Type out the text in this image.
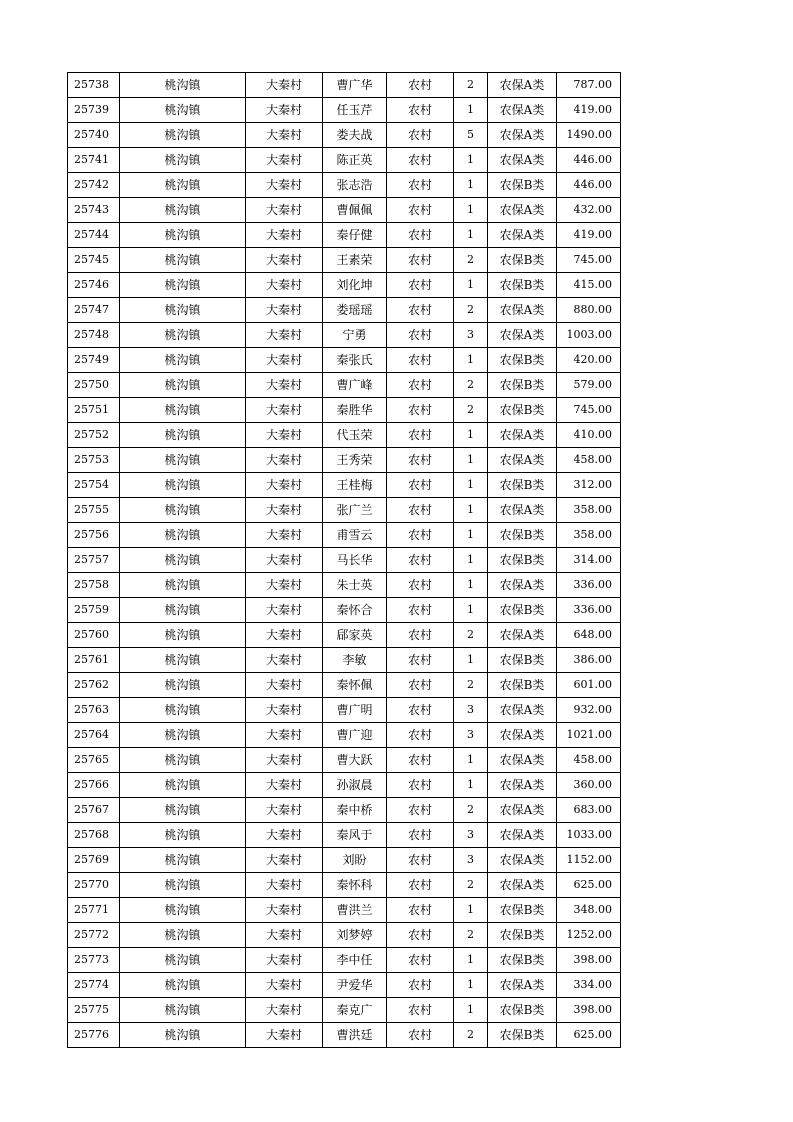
25738	桃沟镇	大秦村	曹广华	农村	2	农保A类	787.00
25739	桃沟镇	大秦村	任玉芹	农村	1	农保A类	419.00
25740	桃沟镇	大秦村	娄夫战	农村	5	农保A类	1490.00
25741	桃沟镇	大秦村	陈正英	农村	1	农保A类	446.00
25742	桃沟镇	大秦村	张志浩	农村	1	农保B类	446.00
25743	桃沟镇	大秦村	曹佩佩	农村	1	农保A类	432.00
25744	桃沟镇	大秦村	秦仔健	农村	1	农保A类	419.00
25745	桃沟镇	大秦村	王素荣	农村	2	农保B类	745.00
25746	桃沟镇	大秦村	刘化坤	农村	1	农保B类	415.00
25747	桃沟镇	大秦村	娄瑶瑶	农村	2	农保A类	880.00
25748	桃沟镇	大秦村	宁勇	农村	3	农保A类	1003.00
25749	桃沟镇	大秦村	秦张氏	农村	1	农保B类	420.00
25750	桃沟镇	大秦村	曹广峰	农村	2	农保B类	579.00
25751	桃沟镇	大秦村	秦胜华	农村	2	农保B类	745.00
25752	桃沟镇	大秦村	代玉荣	农村	1	农保A类	410.00
25753	桃沟镇	大秦村	王秀荣	农村	1	农保A类	458.00
25754	桃沟镇	大秦村	王桂梅	农村	1	农保B类	312.00
25755	桃沟镇	大秦村	张广兰	农村	1	农保A类	358.00
25756	桃沟镇	大秦村	甫雪云	农村	1	农保B类	358.00
25757	桃沟镇	大秦村	马长华	农村	1	农保B类	314.00
25758	桃沟镇	大秦村	朱士英	农村	1	农保A类	336.00
25759	桃沟镇	大秦村	秦怀合	农村	1	农保B类	336.00
25760	桃沟镇	大秦村	郈家英	农村	2	农保A类	648.00
25761	桃沟镇	大秦村	李敏	农村	1	农保B类	386.00
25762	桃沟镇	大秦村	秦怀佩	农村	2	农保B类	601.00
25763	桃沟镇	大秦村	曹广明	农村	3	农保A类	932.00
25764	桃沟镇	大秦村	曹广迎	农村	3	农保A类	1021.00
25765	桃沟镇	大秦村	曹大跃	农村	1	农保A类	458.00
25766	桃沟镇	大秦村	孙淑晨	农村	1	农保A类	360.00
25767	桃沟镇	大秦村	秦中桥	农村	2	农保A类	683.00
25768	桃沟镇	大秦村	秦风于	农村	3	农保A类	1033.00
25769	桃沟镇	大秦村	刘盼	农村	3	农保A类	1152.00
25770	桃沟镇	大秦村	秦怀科	农村	2	农保A类	625.00
25771	桃沟镇	大秦村	曹洪兰	农村	1	农保B类	348.00
25772	桃沟镇	大秦村	刘梦婷	农村	2	农保B类	1252.00
25773	桃沟镇	大秦村	李中任	农村	1	农保B类	398.00
25774	桃沟镇	大秦村	尹爱华	农村	1	农保A类	334.00
25775	桃沟镇	大秦村	秦克广	农村	1	农保B类	398.00
25776	桃沟镇	大秦村	曹洪廷	农村	2	农保B类	625.00
